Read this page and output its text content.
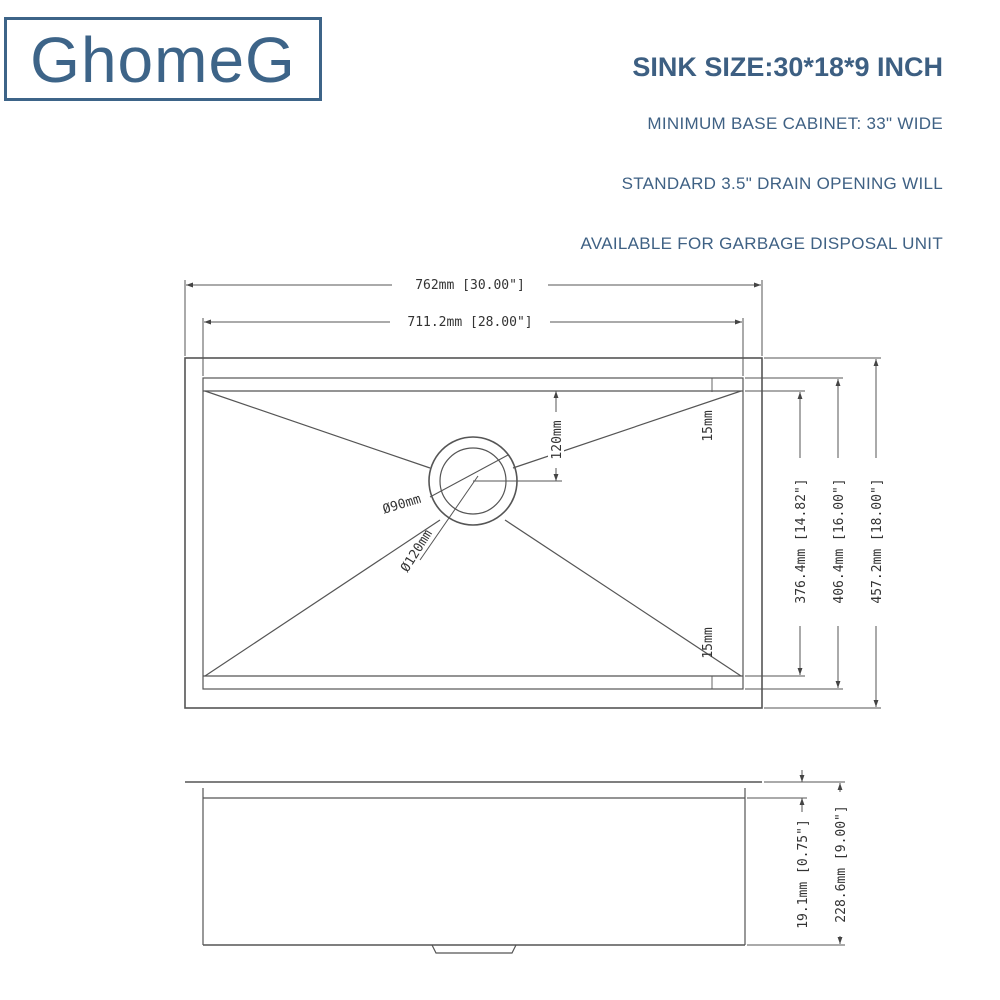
GhomeG	SINK SIZE:30*18*9 INCH
MINIMUM BASE CABINET: 33" WIDE
STANDARD 3.5" DRAIN OPENING WILL
AVAILABLE FOR GARBAGE DISPOSAL UNIT
762mm [30.00"]
711.2mm [28.00"]
376.4mm [14.82"] 406.4mm [16.00"] 457.2mm [18.00"]
15mm
15mm
120mm
Ø90mm
Ø120mm
19.1mm [0.75"] 228.6mm [9.00"]
